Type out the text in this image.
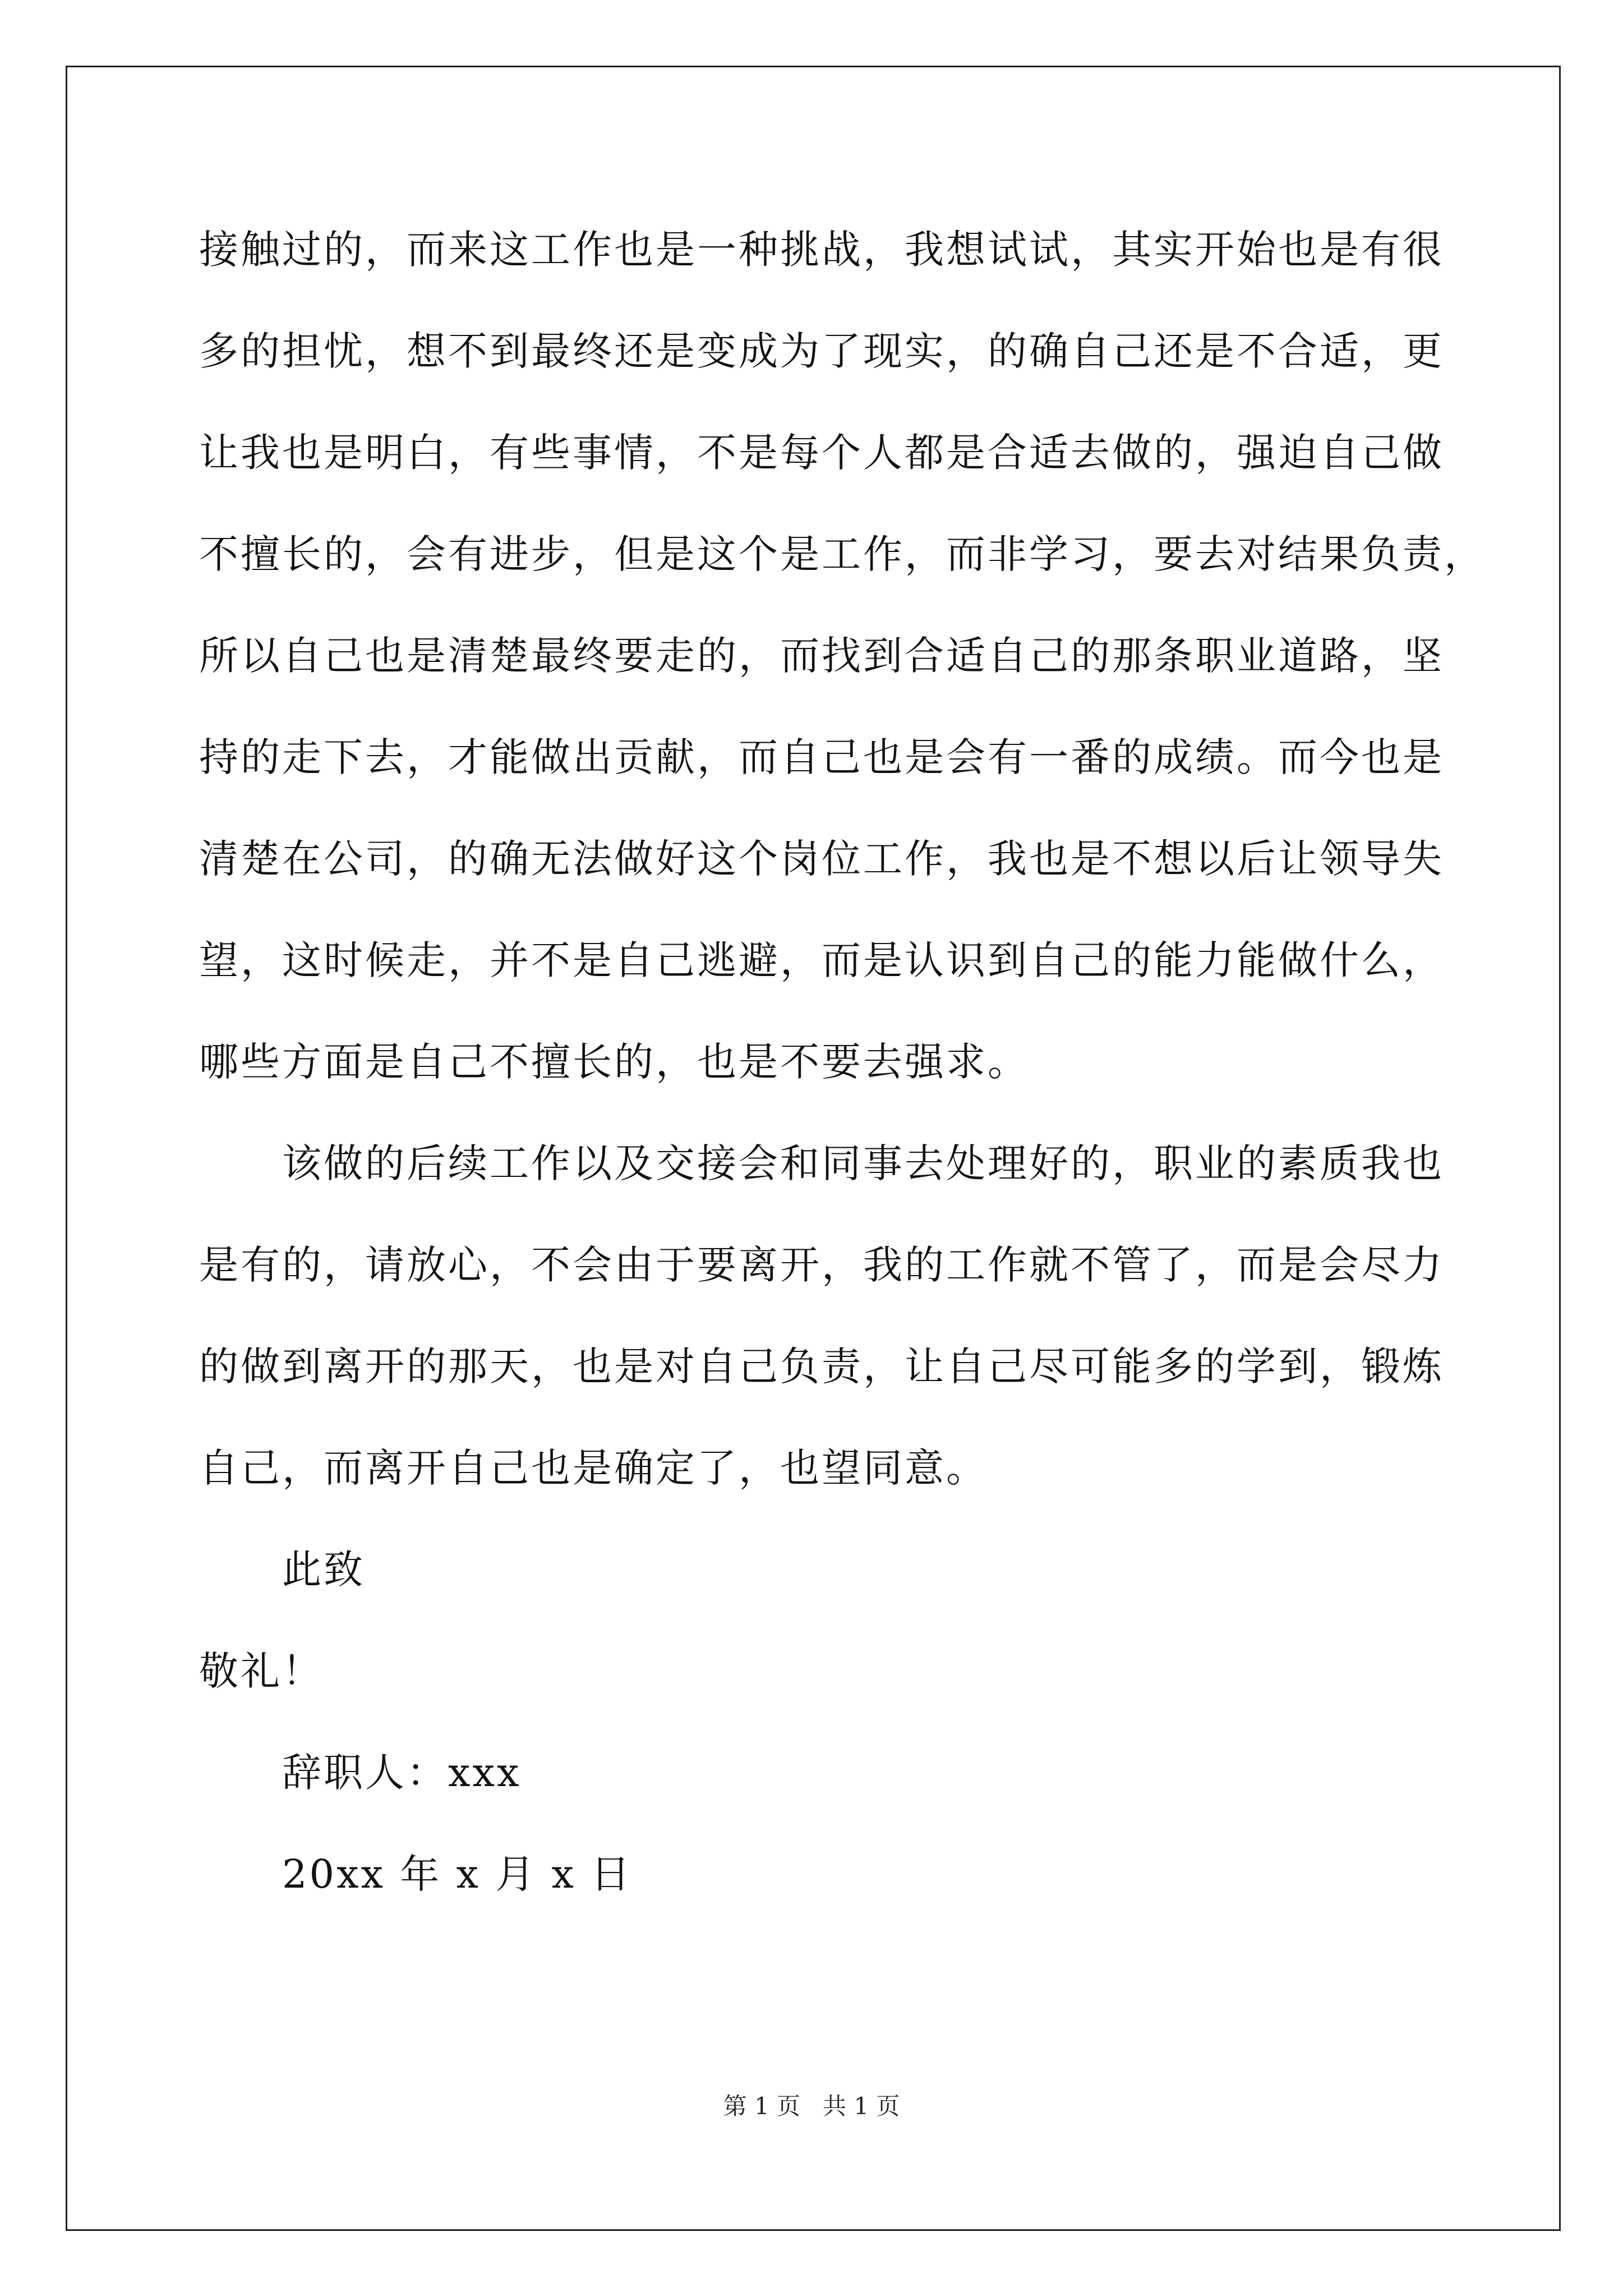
接触过的，而来这工作也是一种挑战，我想试试，其实开始也是有很
多的担忧，想不到最终还是变成为了现实，的确自己还是不合适，更
让我也是明白，有些事情，不是每个人都是合适去做的，强迫自己做
不擅长的，会有进步，但是这个是工作，而非学习，要去对结果负责，
所以自己也是清楚最终要走的，而找到合适自己的那条职业道路，坚
持的走下去，才能做出贡献，而自己也是会有一番的成绩。而今也是
清楚在公司，的确无法做好这个岗位工作，我也是不想以后让领导失
望，这时候走，并不是自己逃避，而是认识到自己的能力能做什么，
哪些方面是自己不擅长的，也是不要去强求。
该做的后续工作以及交接会和同事去处理好的，职业的素质我也
是有的，请放心，不会由于要离开，我的工作就不管了，而是会尽力
的做到离开的那天，也是对自己负责，让自己尽可能多的学到，锻炼
自己，而离开自己也是确定了，也望同意。
此致
敬礼！
辞职人：xxx
20xx 年 x 月 x 日
第 1 页 共 1 页
